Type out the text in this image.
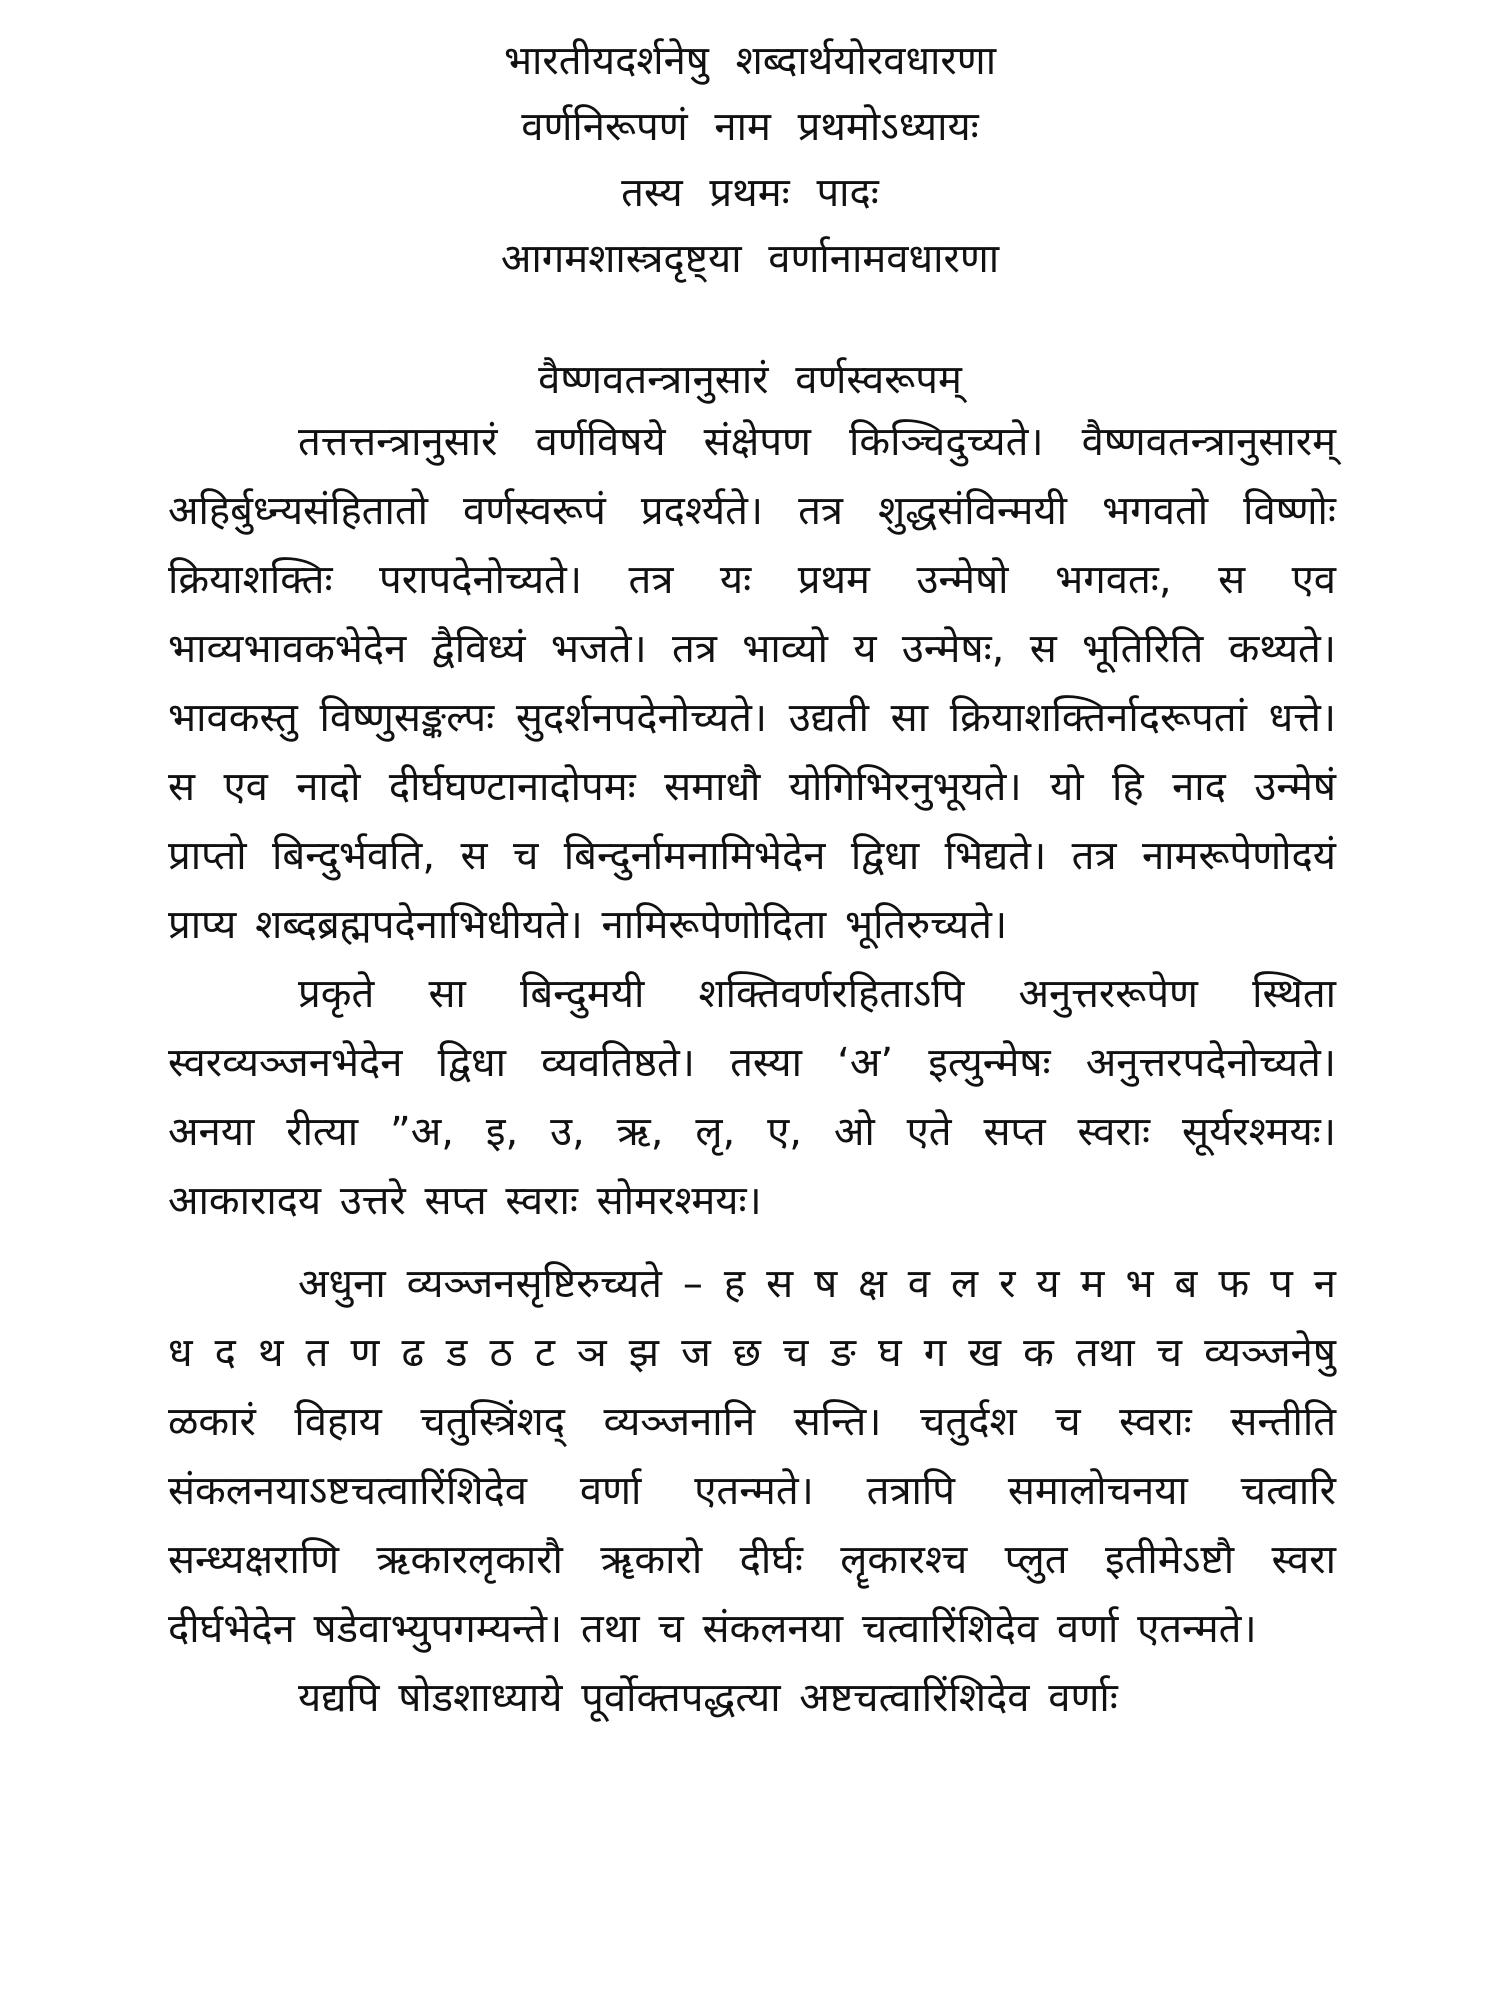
भारतीयदर्शनेषु शब्दार्थयोरवधारणा
वर्णनिरूपणं नाम प्रथमोऽध्यायः
तस्य प्रथमः पादः
आगमशास्त्रदृष्ट्या वर्णानामवधारणा
वैष्णवतन्त्रानुसारं वर्णस्वरूपम्

तत्तत्तन्त्रानुसारं वर्णविषये संक्षेपण किञ्चिदुच्यते। वैष्णवतन्त्रानुसारम् अहिर्बुध्न्यसंहितातो वर्णस्वरूपं प्रदर्श्यते। तत्र शुद्धसंविन्मयी भगवतो विष्णोः क्रियाशक्तिः परापदेनोच्यते। तत्र यः प्रथम उन्मेषो भगवतः, स एव भाव्यभावकभेदेन द्वैविध्यं भजते। तत्र भाव्यो य उन्मेषः, स भूतिरिति कथ्यते। भावकस्तु विष्णुसङ्कल्पः सुदर्शनपदेनोच्यते। उद्यती सा क्रियाशक्तिर्नादरूपतां धत्ते। स एव नादो दीर्घघण्टानादोपमः समाधौ योगिभिरनुभूयते। यो हि नाद उन्मेषं प्राप्तो बिन्दुर्भवति, स च बिन्दुर्नामनामिभेदेन द्विधा भिद्यते। तत्र नामरूपेणोदयं प्राप्य शब्दब्रह्मपदेनाभिधीयते। नामिरूपेणोदिता भूतिरुच्यते।

प्रकृते सा बिन्दुमयी शक्तिवर्णरहिताऽपि अनुत्तररूपेण स्थिता स्वरव्यञ्जनभेदेन द्विधा व्यवतिष्ठते। तस्या ‘अ’ इत्युन्मेषः अनुत्तरपदेनोच्यते। अनया रीत्या ”अ, इ, उ, ऋ, लृ, ए, ओ एते सप्त स्वराः सूर्यरश्मयः। आकारादय उत्तरे सप्त स्वराः सोमरश्मयः।

अधुना व्यञ्जनसृष्टिरुच्यते – ह स ष क्ष व ल र य म भ ब फ प न ध द थ त ण ढ ड ठ ट ञ झ ज छ च ङ घ ग ख क तथा च व्यञ्जनेषु ळकारं विहाय चतुस्त्रिंशद् व्यञ्जनानि सन्ति। चतुर्दश च स्वराः सन्तीति संकलनयाऽष्टचत्वारिंशिदेव वर्णा एतन्मते। तत्रापि समालोचनया चत्वारि सन्ध्यक्षराणि ऋकारलृकारौ ॠकारो दीर्घः लॄकारश्च प्लुत इतीमेऽष्टौ स्वरा दीर्घभेदेन षडेवाभ्युपगम्यन्ते। तथा च संकलनया चत्वारिंशिदेव वर्णा एतन्मते।

यद्यपि षोडशाध्याये पूर्वोक्तपद्धत्या अष्टचत्वारिंशिदेव वर्णाः
